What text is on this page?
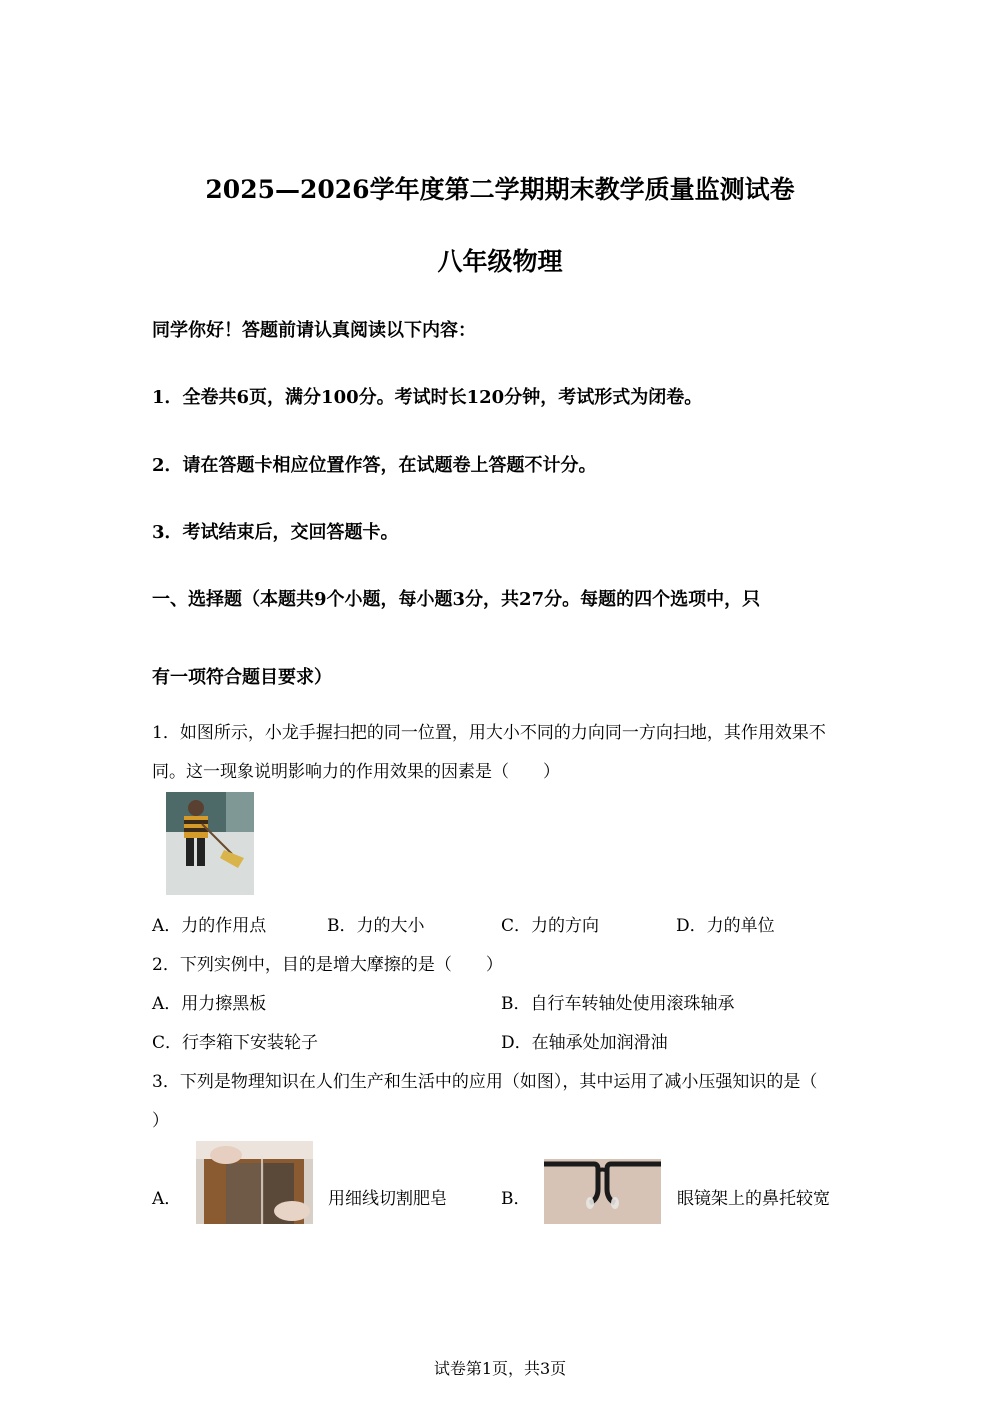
2025—2026学年度第二学期期末教学质量监测试卷
八年级物理
同学你好！答题前请认真阅读以下内容：
1．全卷共6页，满分100分。考试时长120分钟，考试形式为闭卷。
2．请在答题卡相应位置作答，在试题卷上答题不计分。
3．考试结束后，交回答题卡。
一、选择题（本题共9个小题，每小题3分，共27分。每题的四个选项中，只
有一项符合题目要求）
1．如图所示，小龙手握扫把的同一位置，用大小不同的力向同一方向扫地，其作用效果不
同。这一现象说明影响力的作用效果的因素是（　　）
A．力的作用点	B．力的大小	C．力的方向	D．力的单位
2．下列实例中，目的是增大摩擦的是（　　）
A．用力擦黑板	B．自行车转轴处使用滚珠轴承
C．行李箱下安装轮子	D．在轴承处加润滑油
3．下列是物理知识在人们生产和生活中的应用（如图），其中运用了减小压强知识的是（
）
A．	用细线切割肥皂	B．	眼镜架上的鼻托较宽
试卷第1页，共3页
